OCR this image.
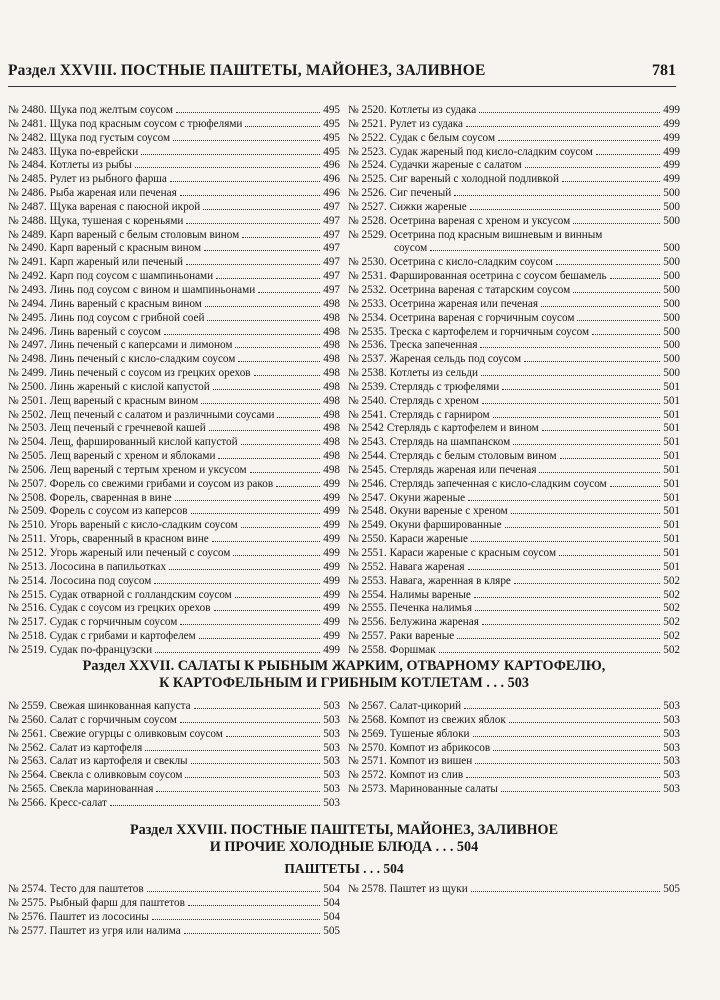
Раздел XXVIII. ПОСТНЫЕ ПАШТЕТЫ, МАЙОНЕЗ, ЗАЛИВНОЕ	781
№ 2480. Щука под желтым соусом	495
№ 2481. Щука под красным соусом с трюфелями	495
№ 2482. Щука под густым соусом	495
№ 2483. Щука по-еврейски	495
№ 2484. Котлеты из рыбы	496
№ 2485. Рулет из рыбного фарша	496
№ 2486. Рыба жареная или печеная	496
№ 2487. Щука вареная с паюсной икрой	497
№ 2488. Щука, тушеная с кореньями	497
№ 2489. Карп вареный с белым столовым вином	497
№ 2490. Карп вареный с красным вином	497
№ 2491. Карп жареный или печеный	497
№ 2492. Карп под соусом с шампиньонами	497
№ 2493. Линь под соусом с вином и шампиньонами	497
№ 2494. Линь вареный с красным вином	498
№ 2495. Линь под соусом с грибной соей	498
№ 2496. Линь вареный с соусом	498
№ 2497. Линь печеный с каперсами и лимоном	498
№ 2498. Линь печеный с кисло-сладким соусом	498
№ 2499. Линь печеный с соусом из грецких орехов	498
№ 2500. Линь жареный с кислой капустой	498
№ 2501. Лещ вареный с красным вином	498
№ 2502. Лещ печеный с салатом и различными соусами	498
№ 2503. Лещ печеный с гречневой кашей	498
№ 2504. Лещ, фаршированный кислой капустой	498
№ 2505. Лещ вареный с хреном и яблоками	498
№ 2506. Лещ вареный с тертым хреном и уксусом	498
№ 2507. Форель со свежими грибами и соусом из раков	499
№ 2508. Форель, сваренная в вине	499
№ 2509. Форель с соусом из каперсов	499
№ 2510. Угорь вареный с кисло-сладким соусом	499
№ 2511. Угорь, сваренный в красном вине	499
№ 2512. Угорь жареный или печеный с соусом	499
№ 2513. Лососина в папильотках	499
№ 2514. Лососина под соусом	499
№ 2515. Судак отварной с голландским соусом	499
№ 2516. Судак с соусом из грецких орехов	499
№ 2517. Судак с горчичным соусом	499
№ 2518. Судак с грибами и картофелем	499
№ 2519. Судак по-французски	499
№ 2520. Котлеты из судака	499
№ 2521. Рулет из судака	499
№ 2522. Судак с белым соусом	499
№ 2523. Судак жареный под кисло-сладким соусом	499
№ 2524. Судачки жареные с салатом	499
№ 2525. Сиг вареный с холодной подливкой	499
№ 2526. Сиг печеный	500
№ 2527. Сижки жареные	500
№ 2528. Осетрина вареная с хреном и уксусом	500
№ 2529. Осетрина под красным вишневым и винным
соусом	500
№ 2530. Осетрина с кисло-сладким соусом	500
№ 2531. Фаршированная осетрина с соусом бешамель	500
№ 2532. Осетрина вареная с татарским соусом	500
№ 2533. Осетрина жареная или печеная	500
№ 2534. Осетрина вареная с горчичным соусом	500
№ 2535. Треска с картофелем и горчичным соусом	500
№ 2536. Треска запеченная	500
№ 2537. Жареная сельдь под соусом	500
№ 2538. Котлеты из сельди	500
№ 2539. Стерлядь с трюфелями	501
№ 2540. Стерлядь с хреном	501
№ 2541. Стерлядь с гарниром	501
№ 2542 Стерлядь с картофелем и вином	501
№ 2543. Стерлядь на шампанском	501
№ 2544. Стерлядь с белым столовым вином	501
№ 2545. Стерлядь жареная или печеная	501
№ 2546. Стерлядь запеченная с кисло-сладким соусом	501
№ 2547. Окуни жареные	501
№ 2548. Окуни вареные с хреном	501
№ 2549. Окуни фаршированные	501
№ 2550. Караси жареные	501
№ 2551. Караси жареные с красным соусом	501
№ 2552. Навага жареная	501
№ 2553. Навага, жаренная в кляре	502
№ 2554. Налимы вареные	502
№ 2555. Печенка налимья	502
№ 2556. Белужина жареная	502
№ 2557. Раки вареные	502
№ 2558. Форшмак	502
Раздел XXVII. САЛАТЫ К РЫБНЫМ ЖАРКИМ, ОТВАРНОМУ КАРТОФЕЛЮ,
К КАРТОФЕЛЬНЫМ И ГРИБНЫМ КОТЛЕТАМ . . . 503
№ 2559. Свежая шинкованная капуста	503
№ 2560. Салат с горчичным соусом	503
№ 2561. Свежие огурцы с оливковым соусом	503
№ 2562. Салат из картофеля	503
№ 2563. Салат из картофеля и свеклы	503
№ 2564. Свекла с оливковым соусом	503
№ 2565. Свекла маринованная	503
№ 2566. Кресс-салат	503
№ 2567. Салат-цикорий	503
№ 2568. Компот из свежих яблок	503
№ 2569. Тушеные яблоки	503
№ 2570. Компот из абрикосов	503
№ 2571. Компот из вишен	503
№ 2572. Компот из слив	503
№ 2573. Маринованные салаты	503
Раздел XXVIII. ПОСТНЫЕ ПАШТЕТЫ, МАЙОНЕЗ, ЗАЛИВНОЕ
И ПРОЧИЕ ХОЛОДНЫЕ БЛЮДА . . . 504
ПАШТЕТЫ . . . 504
№ 2574. Тесто для паштетов	504
№ 2575. Рыбный фарш для паштетов	504
№ 2576. Паштет из лососины	504
№ 2577. Паштет из угря или налима	505
№ 2578. Паштет из щуки	505
